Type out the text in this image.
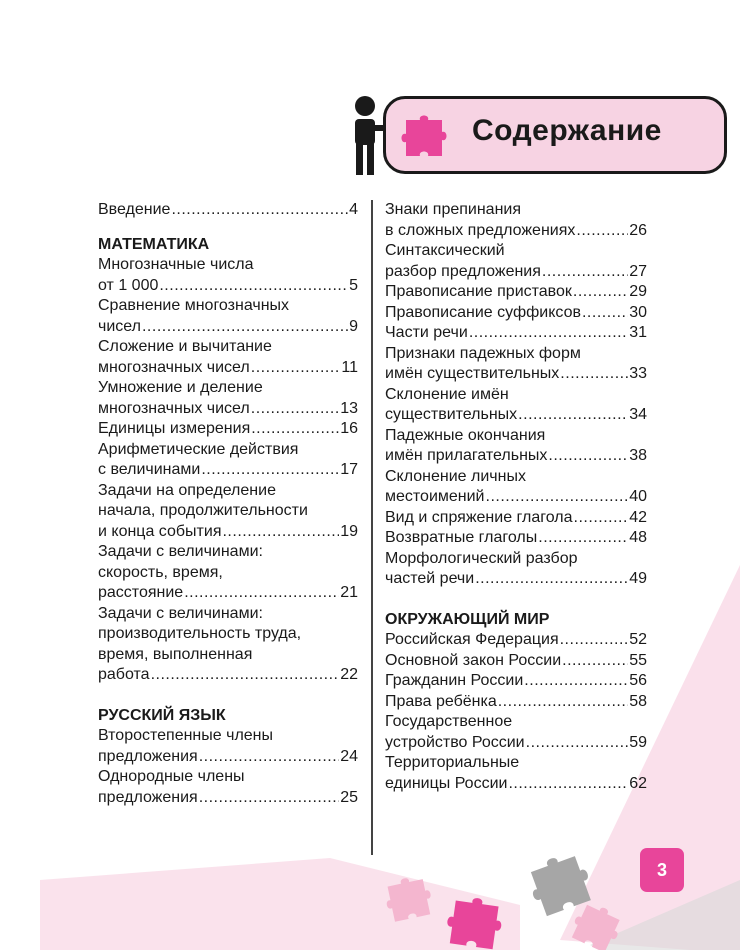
Содержание
Введение .....	4
МАТЕМАТИКА
Многозначные числа
от 1 000 .....	5
Сравнение многозначных
чисел .....	9
Сложение и вычитание
многозначных чисел .....	11
Умножение и деление
многозначных чисел .....	13
Единицы измерения .....	16
Арифметические действия
с величинами .....	17
Задачи на определение
начала, продолжительности
и конца события .....	19
Задачи с величинами:
скорость, время,
расстояние .....	21
Задачи с величинами:
производительность труда,
время, выполненная
работа .....	22
РУССКИЙ ЯЗЫК
Второстепенные члены
предложения .....	24
Однородные члены
предложения .....	25
Знаки препинания
в сложных предложениях .....	26
Синтаксический
разбор предложения .....	27
Правописание приставок .....	29
Правописание суффиксов .....	30
Части речи .....	31
Признаки падежных форм
имён существительных .....	33
Склонение имён
существительных .....	34
Падежные окончания
имён прилагательных .....	38
Склонение личных
местоимений .....	40
Вид и спряжение глагола .....	42
Возвратные глаголы .....	48
Морфологический разбор
частей речи .....	49
ОКРУЖАЮЩИЙ МИР
Российская Федерация .....	52
Основной закон России .....	55
Гражданин России .....	56
Права ребёнка .....	58
Государственное
устройство России .....	59
Территориальные
единицы России .....	62
3
